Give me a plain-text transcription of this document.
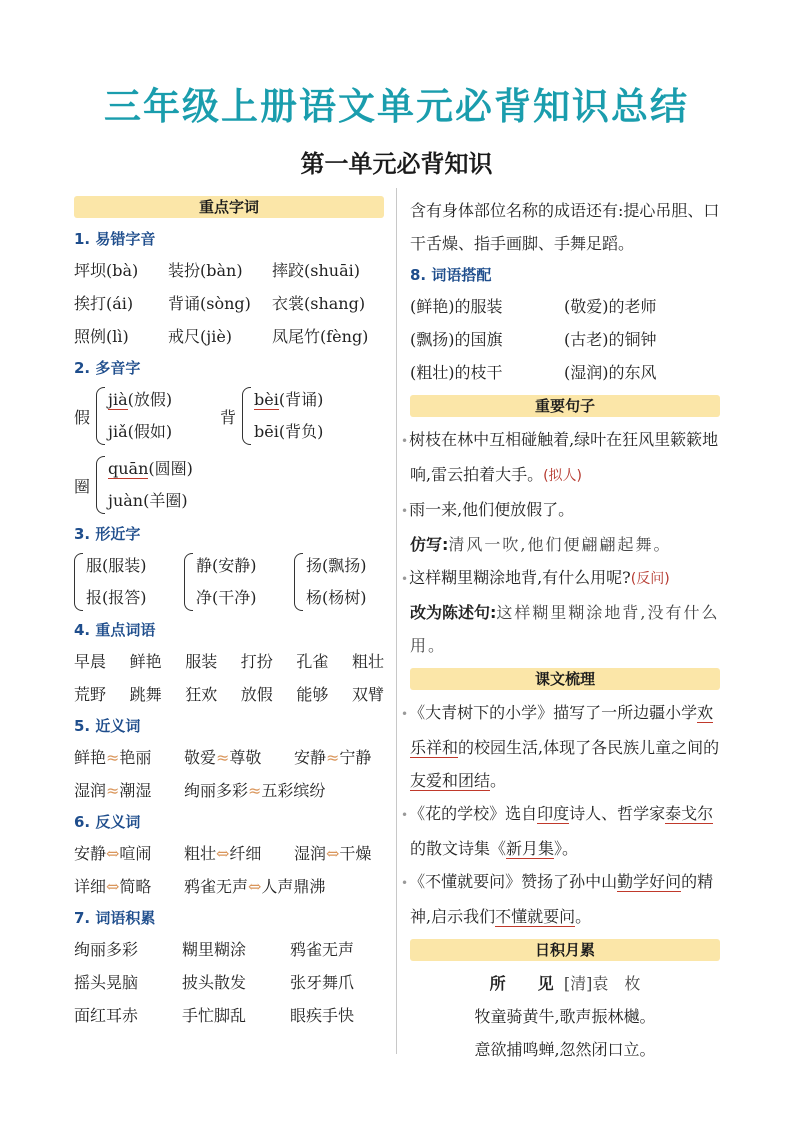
三年级上册语文单元必背知识总结
第一单元必背知识
重点字词
1. 易错字音
坪坝(bà)	装扮(bàn)	摔跤(shuāi)
挨打(ái)	背诵(sòng)	衣裳(shang)
照例(lì)	戒尺(jiè)	凤尾竹(fèng)
2. 多音字
假
jià(放假)
jiǎ(假如)
背
bèi(背诵)
bēi(背负)
圈
quān(圆圈)
juàn(羊圈)
3. 形近字
服(服装)
报(报答)
静(安静)
净(干净)
扬(飘扬)
杨(杨树)
4. 重点词语
早晨 鲜艳 服装 打扮 孔雀 粗壮
荒野 跳舞 狂欢 放假 能够 双臂
5. 近义词
鲜艳≈艳丽	敬爱≈尊敬	安静≈宁静
湿润≈潮湿	绚丽多彩≈五彩缤纷
6. 反义词
安静⇔喧闹	粗壮⇔纤细	湿润⇔干燥
详细⇔简略	鸦雀无声⇔人声鼎沸
7. 词语积累
绚丽多彩	糊里糊涂	鸦雀无声
摇头晃脑	披头散发	张牙舞爪
面红耳赤	手忙脚乱	眼疾手快
含有身体部位名称的成语还有:提心吊胆、口干舌燥、指手画脚、手舞足蹈。
8. 词语搭配
(鲜艳)的服装	(敬爱)的老师
(飘扬)的国旗	(古老)的铜钟
(粗壮)的枝干	(湿润)的东风
重要句子
•树枝在林中互相碰触着,绿叶在狂风里簌簌地响,雷云拍着大手。(拟人)
•雨一来,他们便放假了。
仿写:清风一吹,他们便翩翩起舞。
•这样糊里糊涂地背,有什么用呢?(反问)
改为陈述句:这样糊里糊涂地背,没有什么用。
课文梳理
•《大青树下的小学》描写了一所边疆小学欢乐祥和的校园生活,体现了各民族儿童之间的友爱和团结。
•《花的学校》选自印度诗人、哲学家泰戈尔的散文诗集《新月集》。
•《不懂就要问》赞扬了孙中山勤学好问的精神,启示我们不懂就要问。
日积月累
所　　见 [清]袁　枚
牧童骑黄牛,歌声振林樾。
意欲捕鸣蝉,忽然闭口立。
